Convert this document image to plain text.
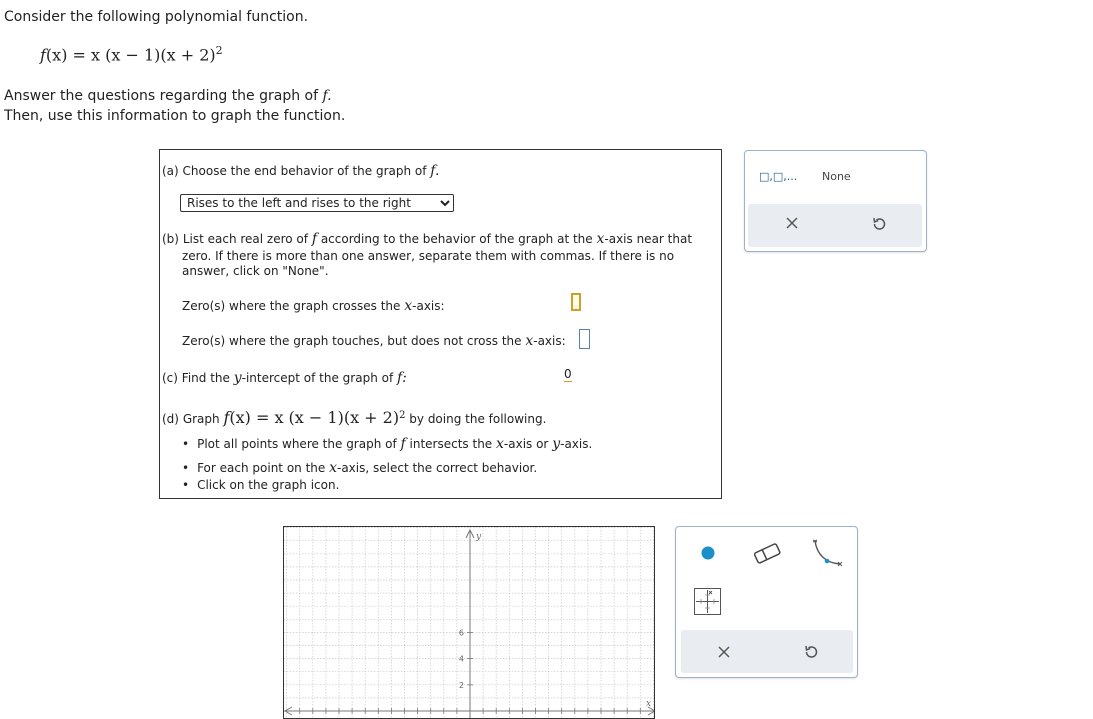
Consider the following polynomial function.
f(x) = x $(x - 1)(x + 2)^2$
Answer the questions regarding the graph of f.
Then, use this information to graph the function.
(a) Choose the end behavior of the graph of f.
Rises to the left and rises to the right
(b) List each real zero of f according to the behavior of the graph at the x-axis near that
zero. If there is more than one answer, separate them with commas. If there is no
answer, click on "None".
Zero(s) where the graph crosses the x-axis:
Zero(s) where the graph touches, but does not cross the x-axis:
(c) Find the y-intercept of the graph of f:	0
(d) Graph f(x) = x $(x - 1)(x + 2)^2$ by doing the following.
• Plot all points where the graph of f intersects the x-axis or y-axis.
• For each point on the x-axis, select the correct behavior.
• Click on the graph icon.
□,□,... None
6
4
2
y
x
